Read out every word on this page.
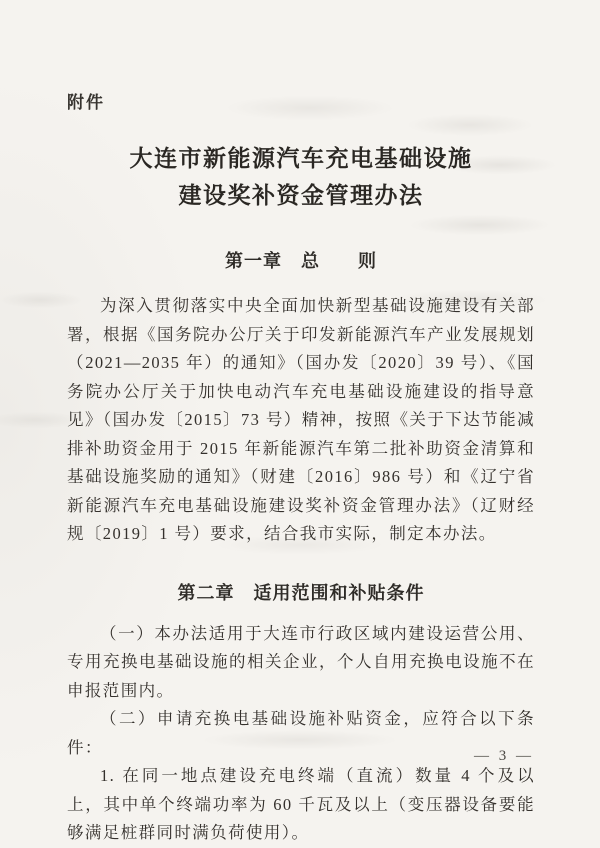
附件
大连市新能源汽车充电基础设施
建设奖补资金管理办法
第一章　总　　则
为深入贯彻落实中央全面加快新型基础设施建设有关部署，根据《国务院办公厅关于印发新能源汽车产业发展规划（2021—2035 年）的通知》（国办发〔2020〕39 号）、《国务院办公厅关于加快电动汽车充电基础设施建设的指导意见》（国办发〔2015〕73 号）精神，按照《关于下达节能减排补助资金用于 2015 年新能源汽车第二批补助资金清算和基础设施奖励的通知》（财建〔2016〕986 号）和《辽宁省新能源汽车充电基础设施建设奖补资金管理办法》（辽财经规〔2019〕1 号）要求，结合我市实际，制定本办法。
第二章　适用范围和补贴条件
（一）本办法适用于大连市行政区域内建设运营公用、专用充换电基础设施的相关企业，个人自用充换电设施不在申报范围内。
（二）申请充换电基础设施补贴资金，应符合以下条件：
1. 在同一地点建设充电终端（直流）数量 4 个及以上，其中单个终端功率为 60 千瓦及以上（变压器设备要能够满足桩群同时满负荷使用）。
— 3 —
